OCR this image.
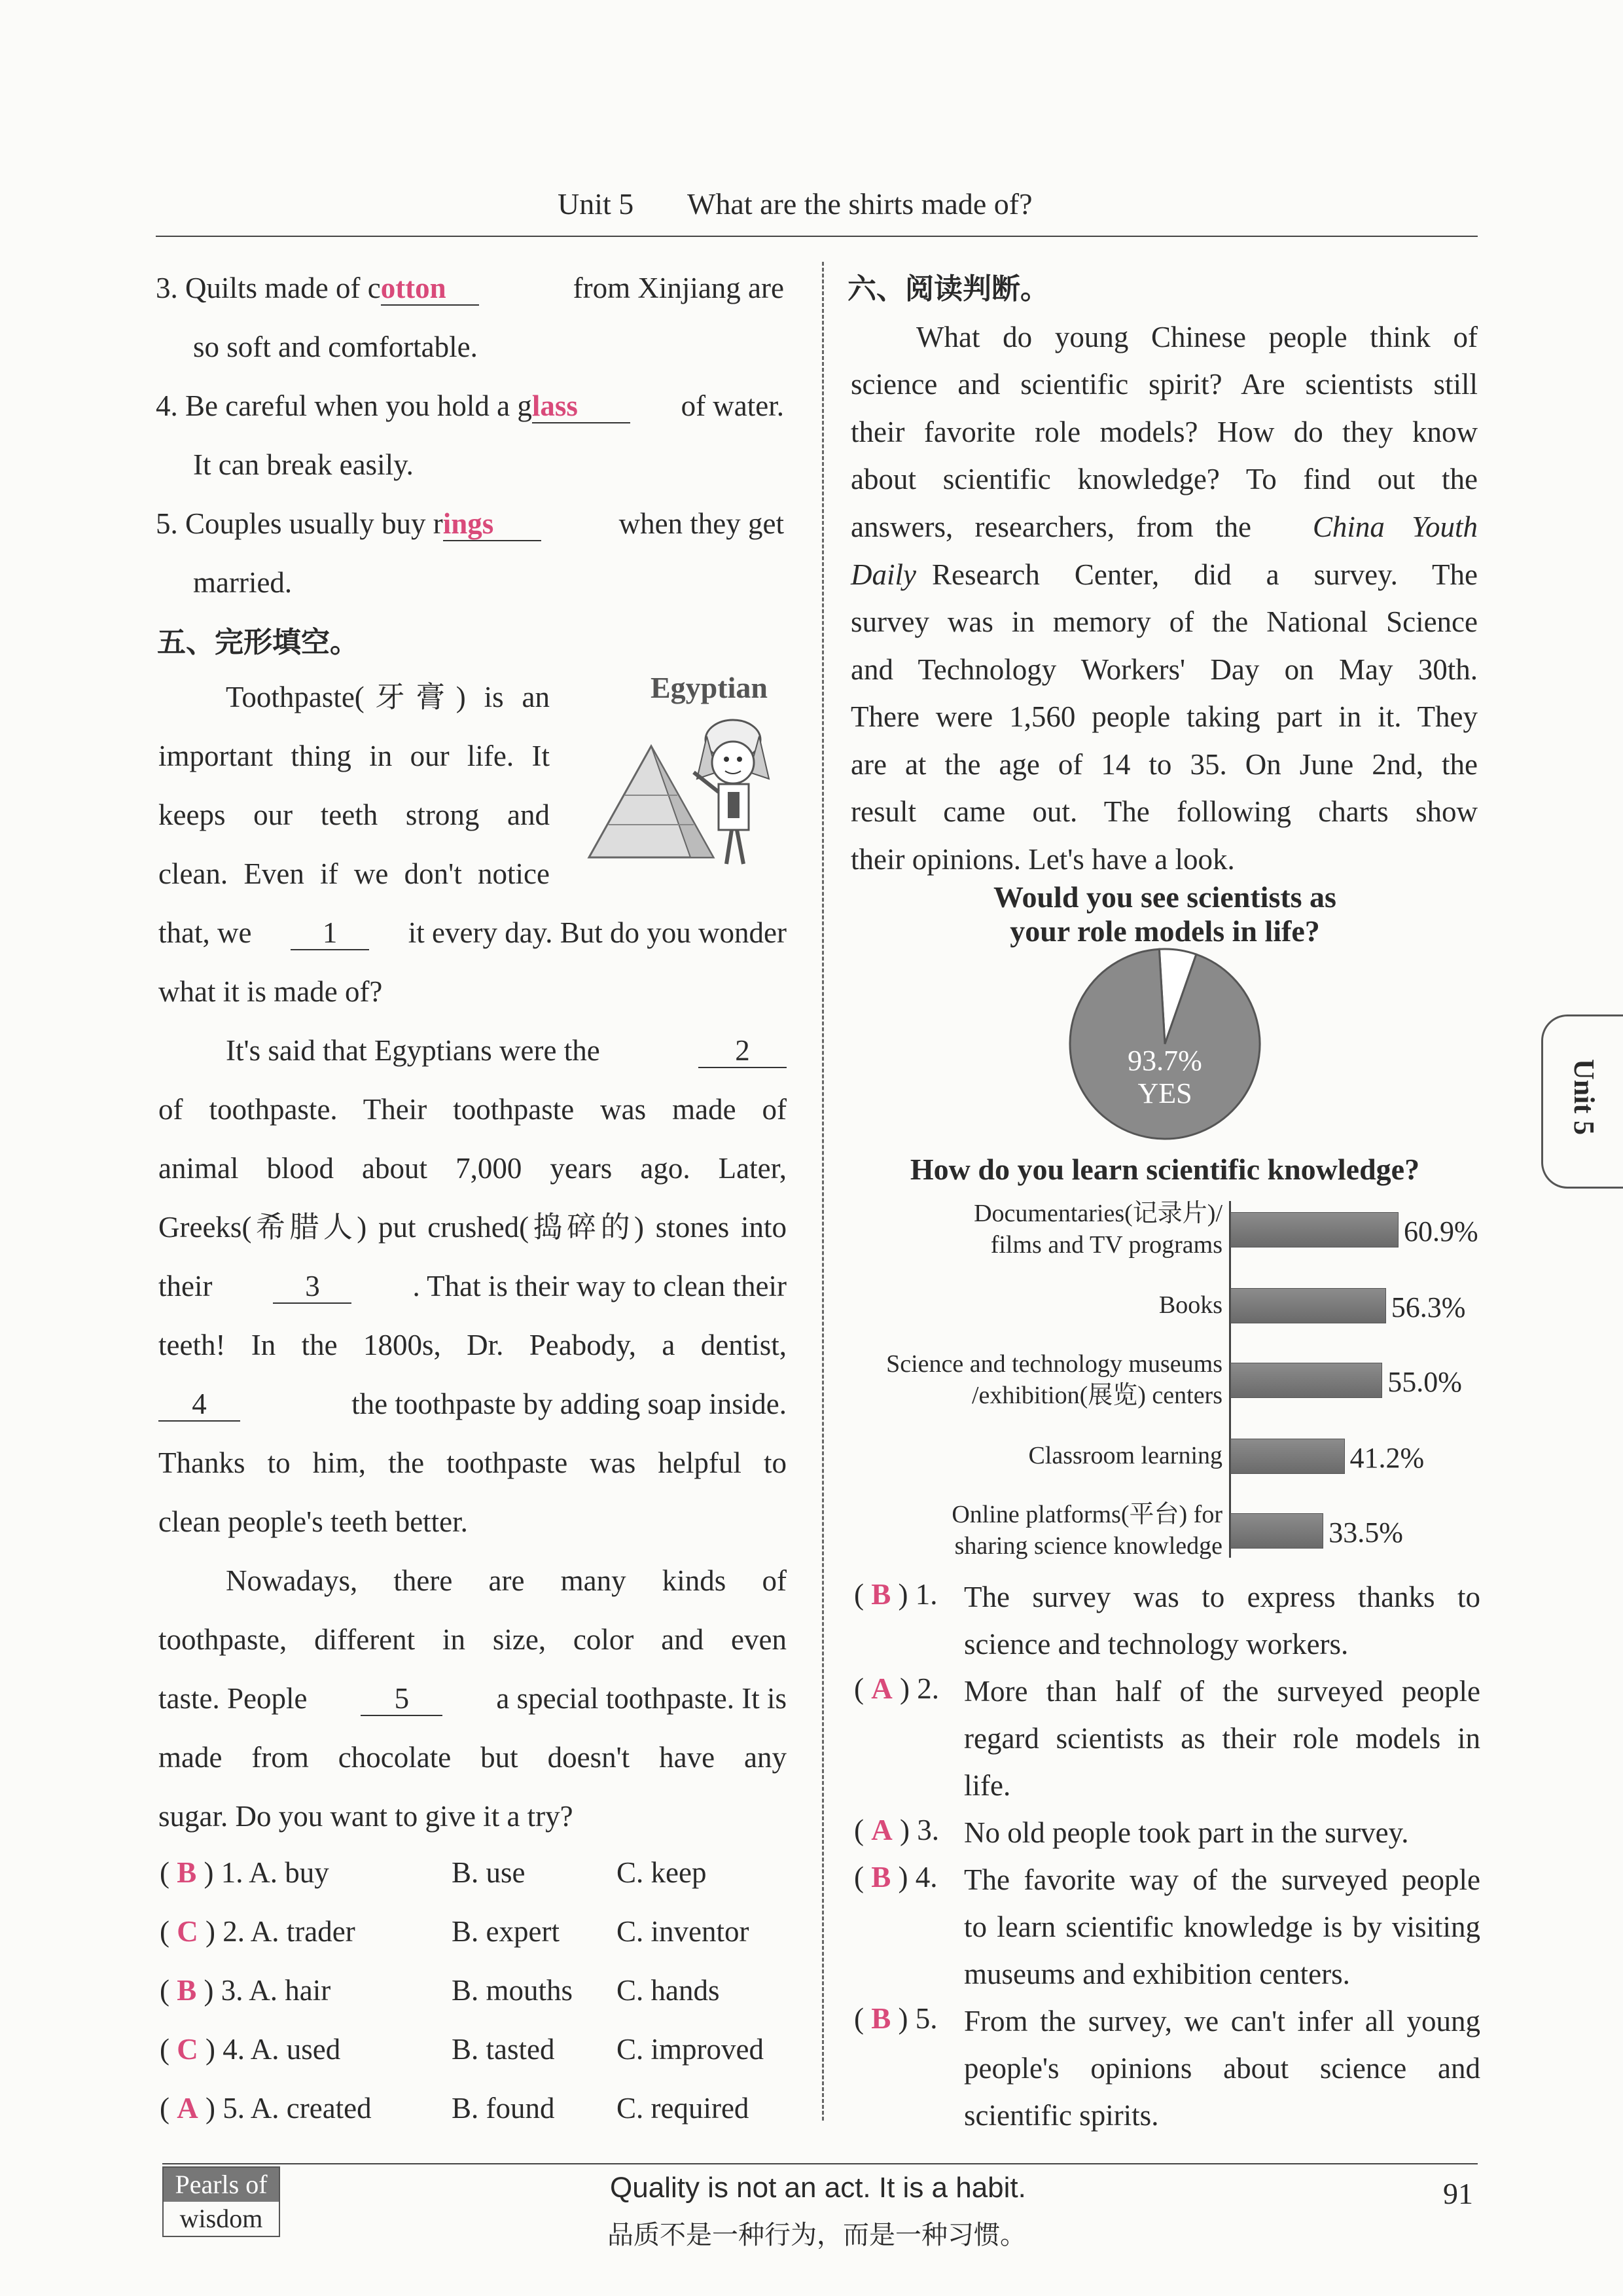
Unit 5 What are the shirts made of?
Unit 5
3. Quilts made of cotton	from Xinjiang are
so soft and comfortable.
4. Be careful when you hold a glass	of water.
It can break easily.
5. Couples usually buy rings	when they get
married.
五、完形填空。
Egyptian
Toothpaste(牙膏) is an
important thing in our life. It
keeps our teeth strong and
clean. Even if we don't notice
that, we	1	it every day. But do you wonder
what it is made of?
It's said that Egyptians were the	2
of toothpaste. Their toothpaste was made of
animal blood about 7,000 years ago. Later,
Greeks(希腊人) put crushed(捣碎的) stones into
their	3	. That is their way to clean their
teeth! In the 1800s, Dr. Peabody, a dentist,
4	the toothpaste by adding soap inside.
Thanks to him, the toothpaste was helpful to
clean people's teeth better.
Nowadays, there are many kinds of
toothpaste, different in size, color and even
taste. People	5	a special toothpaste. It is
made from chocolate but doesn't have any
sugar. Do you want to give it a try?
( B ) 1. A. buy	B. use	C. keep
( C ) 2. A. trader	B. expert C. inventor
( B ) 3. A. hair	B. mouths C. hands
( C ) 4. A. used	B. tasted C. improved
( A ) 5. A. created	B. found C. required
六、阅读判断。
What do young Chinese people think of
science and scientific spirit? Are scientists still
their favorite role models? How do they know
about scientific knowledge? To find out the
answers, researchers, from the China Youth
Daily Research Center, did a survey. The
survey was in memory of the National Science
and Technology Workers' Day on May 30th.
There were 1,560 people taking part in it. They
are at the age of 14 to 35. On June 2nd, the
result came out. The following charts show
their opinions. Let's have a look.
Would you see scientists as
your role models in life?
93.7%
YES
How do you learn scientific knowledge?
Documentaries(记录片)/
films and TV programs	60.9%
Books	56.3%
Science and technology museums
/exhibition(展览) centers	55.0%
Classroom learning	41.2%
Online platforms(平台) for
sharing science knowledge	33.5%
( B ) 1. The survey was to express thanks to
science and technology workers.
( A ) 2. More than half of the surveyed people
regard scientists as their role models in
life.
( A ) 3. No old people took part in the survey.
( B ) 4. The favorite way of the surveyed people
to learn scientific knowledge is by visiting
museums and exhibition centers.
( B ) 5. From the survey, we can't infer all young
people's opinions about science and
scientific spirits.
Pearls of
wisdom
Quality is not an act. It is a habit.
品质不是一种行为，而是一种习惯。
91
